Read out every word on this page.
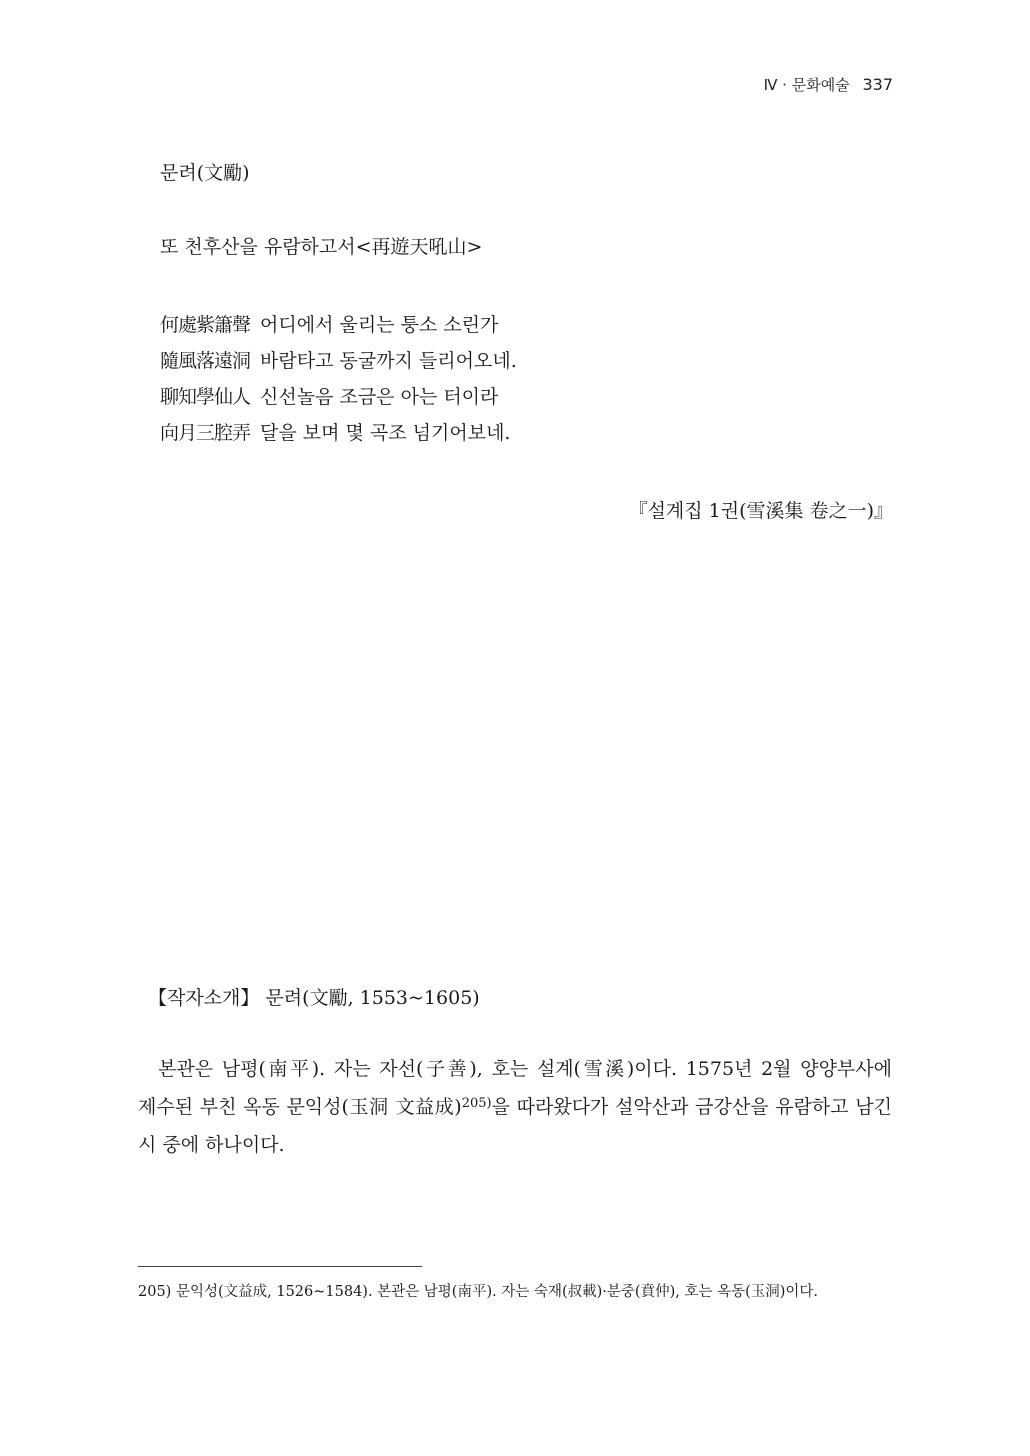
Ⅳ · 문화예술 337
문려(文勵)
또 천후산을 유람하고서<再遊天吼山>
何處紫簫聲 어디에서 울리는 퉁소 소린가
隨風落遠洞 바람타고 동굴까지 들리어오네.
聊知學仙人 신선놀음 조금은 아는 터이라
向月三腔弄 달을 보며 몇 곡조 넘기어보네.
『설계집 1권(雪溪集 卷之一)』
【작자소개】 문려(文勵, 1553~1605)

본관은 남평(南平). 자는 자선(子善), 호는 설계(雪溪)이다. 1575년 2월 양양부사에 제수된 부친 옥동 문익성(玉洞 文益成)$^{205)}$을 따라왔다가 설악산과 금강산을 유람하고 남긴 시 중에 하나이다.

205) 문익성(文益成, 1526~1584). 본관은 남평(南平). 자는 숙재(叔載)·분중(賁仲), 호는 옥동(玉洞)이다.
